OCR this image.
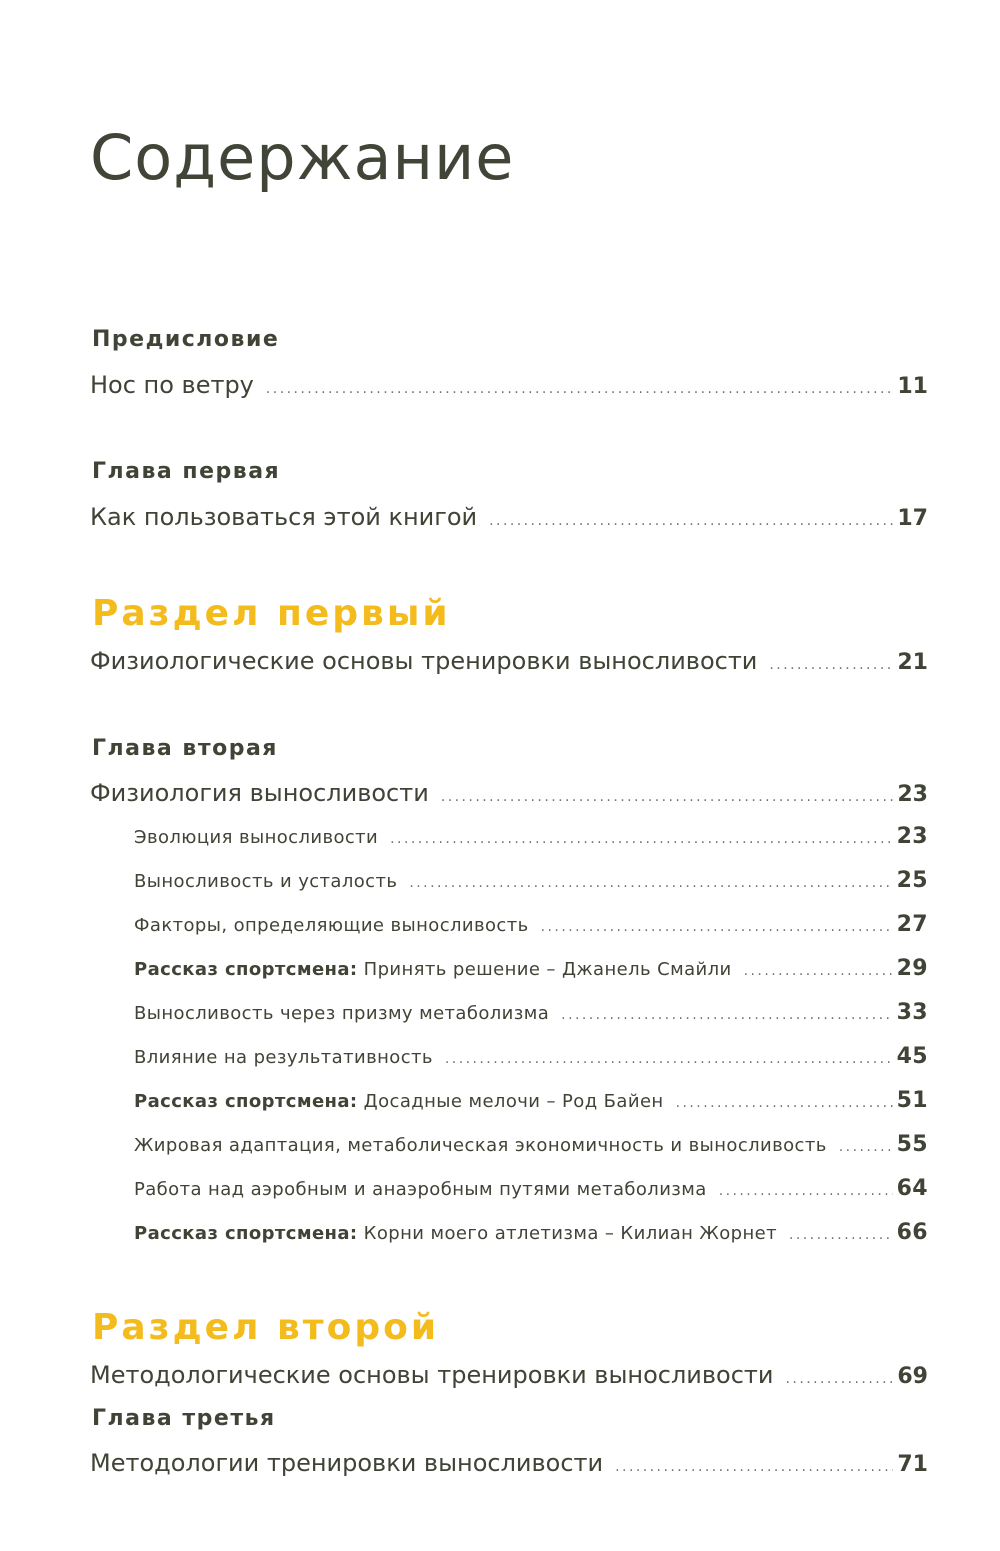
Содержание
Предисловие
Нос по ветру . . .	11
Глава первая
Как пользоваться этой книгой . . .	17
Раздел первый
Физиологические основы тренировки выносливости . . .	21
Глава вторая
Физиология выносливости . . .	23
Эволюция выносливости . . .	23
Выносливость и усталость . . .	25
Факторы, определяющие выносливость . . .	27
Рассказ спортсмена: Принять решение – Джанель Смайли . . .	29
Выносливость через призму метаболизма . . .	33
Влияние на результативность . . .	45
Рассказ спортсмена: Досадные мелочи – Род Байен . . .	51
Жировая адаптация, метаболическая экономичность и выносливость . . .	55
Работа над аэробным и анаэробным путями метаболизма . . .	64
Рассказ спортсмена: Корни моего атлетизма – Килиан Жорнет . . .	66
Раздел второй
Методологические основы тренировки выносливости . . .	69
Глава третья
Методологии тренировки выносливости . . .	71
